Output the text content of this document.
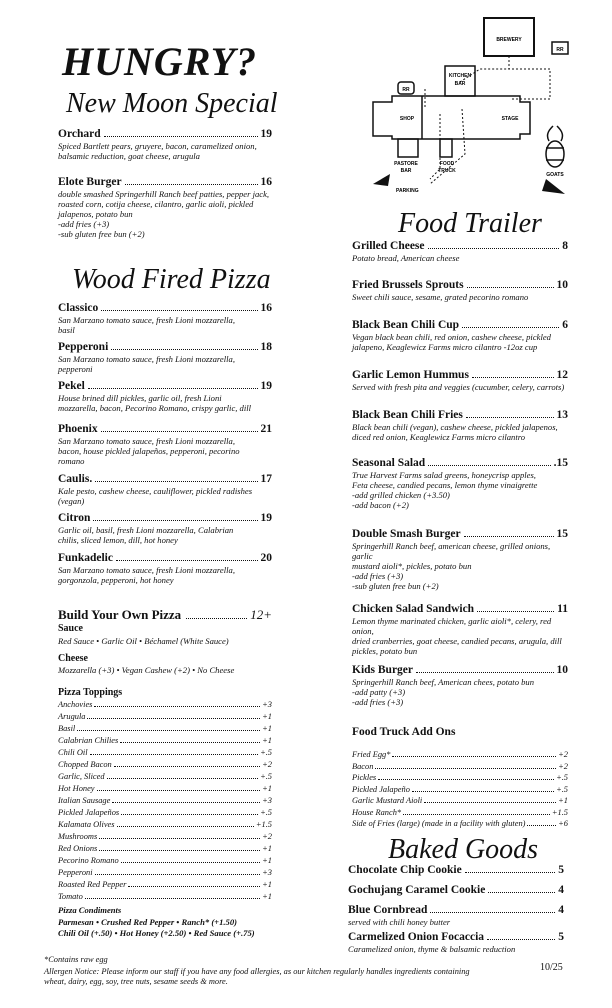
HUNGRY?
New Moon Special
Orchard	19
Spiced Bartlett pears, gruyere, bacon, caramelized onion,
balsamic reduction, goat cheese, arugula
Elote Burger	16
double smashed Springerhill Ranch beef patties, pepper jack,
roasted corn, cotija cheese, cilantro, garlic aioli, pickled
jalapenos, potato bun
-add fries (+3)
-sub gluten free bun (+2)
Wood Fired Pizza
Classico	16
San Marzano tomato sauce, fresh Lioni mozzarella,
basil
Pepperoni	18
San Marzano tomato sauce, fresh Lioni mozzarella,
pepperoni
Pekel	19
House brined dill pickles, garlic oil, fresh Lioni
mozzarella, bacon, Pecorino Romano, crispy garlic, dill
Phoenix	21
San Marzano tomato sauce, fresh Lioni mozzarella,
bacon, house pickled jalapeños, pepperoni, pecorino
romano
Caulis.	17
Kale pesto, cashew cheese, cauliflower, pickled radishes
(vegan)
Citron	19
Garlic oil, basil, fresh Lioni mozzarella, Calabrian
chilis, sliced lemon, dill, hot honey
Funkadelic	20
San Marzano tomato sauce, fresh Lioni mozzarella,
gorgonzola, pepperoni, hot honey
Build Your Own Pizza	12+
Sauce
Red Sauce • Garlic Oil • Béchamel (White Sauce)
Cheese
Mozzarella (+3) • Vegan Cashew (+2) • No Cheese
Pizza Toppings
Anchovies	+3
Arugula	+1
Basil	+1
Calabrian Chilies	+1
Chili Oil	+.5
Chopped Bacon	+2
Garlic, Sliced	+.5
Hot Honey	+1
Italian Sausage	+3
Pickled Jalapeños	+.5
Kalamata Olives	+1.5
Mushrooms	+2
Red Onions	+1
Pecorino Romano	+1
Pepperoni	+3
Roasted Red Pepper	+1
Tomato	+1
Pizza Condiments
Parmesan • Crushed Red Pepper • Ranch* (+1.50)
Chili Oil (+.50) • Hot Honey (+2.50) • Red Sauce (+.75)
BREWERY
RR
KITCHEN
BAR
RR
SHOP	STAGE
PASTORE
BAR
FOOD
TRUCK
GOATS
PARKING
Food Trailer
Grilled Cheese	8
Potato bread, American cheese
Fried Brussels Sprouts	10
Sweet chili sauce, sesame, grated pecorino romano
Black Bean Chili Cup	6
Vegan black bean chili, red onion, cashew cheese, pickled
jalapeno, Keaglewicz Farms micro cilantro -12oz cup
Garlic Lemon Hummus	12
Served with fresh pita and veggies (cucumber, celery, carrots)
Black Bean Chili Fries	13
Black bean chili (vegan), cashew cheese, pickled jalapenos,
diced red onion, Keaglewicz Farms micro cilantro
Seasonal Salad	.15
True Harvest Farms salad greens, honeycrisp apples,
Feta cheese, candied pecans, lemon thyme vinaigrette
-add grilled chicken (+3.50)
-add bacon (+2)
Double Smash Burger	15
Springerhill Ranch beef, american cheese, grilled onions, garlic
mustard aioli*, pickles, potato bun
-add fries (+3)
-sub gluten free bun (+2)
Chicken Salad Sandwich	11
Lemon thyme marinated chicken, garlic aioli*, celery, red onion,
dried cranberries, goat cheese, candied pecans, arugula, dill
pickles, potato bun
Kids Burger	10
Springerhill Ranch beef, American chees, potato bun
-add patty (+3)
-add fries (+3)
Food Truck Add Ons
Fried Egg*	+2
Bacon	+2
Pickles	+.5
Pickled Jalapeño	+.5
Garlic Mustard Aioli	+1
House Ranch*	+1.5
Side of Fries (large) (made in a facility with gluten)	+6
Baked Goods
Chocolate Chip Cookie	5
Gochujang Caramel Cookie	4
Blue Cornbread	4
served with chili honey butter
Carmelized Onion Focaccia	5
Caramelized onion, thyme & balsamic reduction
*Contains raw egg
Allergen Notice: Please inform our staff if you have any food allergies, as our kitchen regularly handles ingredients containing
wheat, dairy, egg, soy, tree nuts, sesame seeds & more.
10/25
